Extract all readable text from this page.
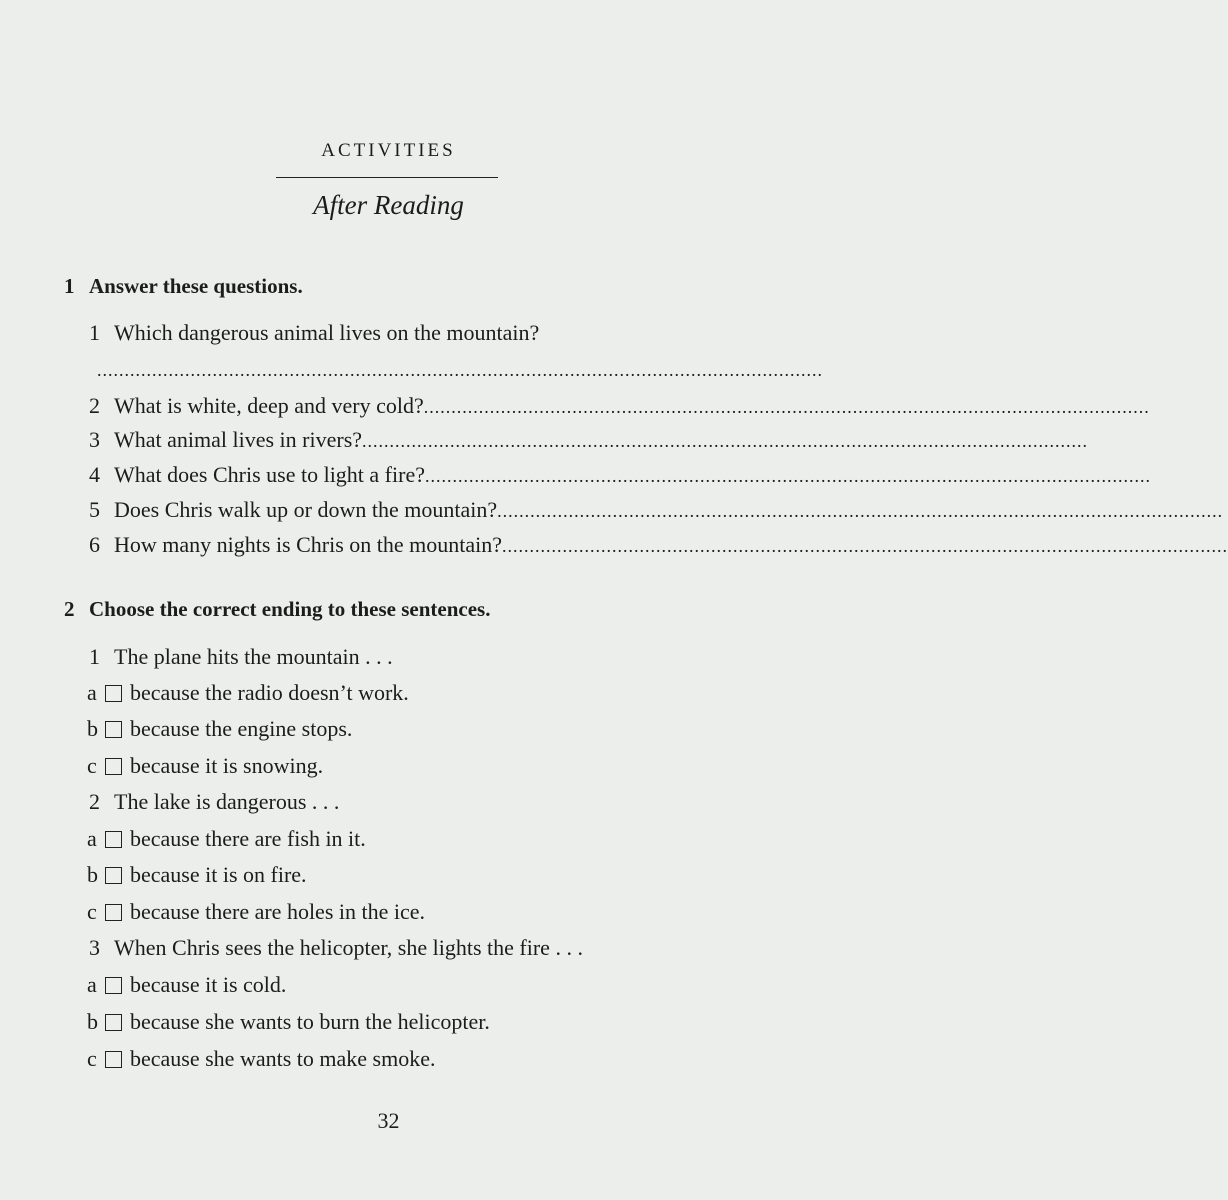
ACTIVITIES
After Reading
1 Answer these questions.
1 Which dangerous animal lives on the mountain?
....................................................................................................................................
2 What is white, deep and very cold? ....................................................................................................................................
3 What animal lives in rivers? ....................................................................................................................................
4 What does Chris use to light a fire? ....................................................................................................................................
5 Does Chris walk up or down the mountain? ....................................................................................................................................
6 How many nights is Chris on the mountain? ....................................................................................................................................
2 Choose the correct ending to these sentences.
1 The plane hits the mountain . . .
a	because the radio doesn’t work.
b	because the engine stops.
c	because it is snowing.
2 The lake is dangerous . . .
a	because there are fish in it.
b	because it is on fire.
c	because there are holes in the ice.
3 When Chris sees the helicopter, she lights the fire . . .
a	because it is cold.
b	because she wants to burn the helicopter.
c	because she wants to make smoke.
32
